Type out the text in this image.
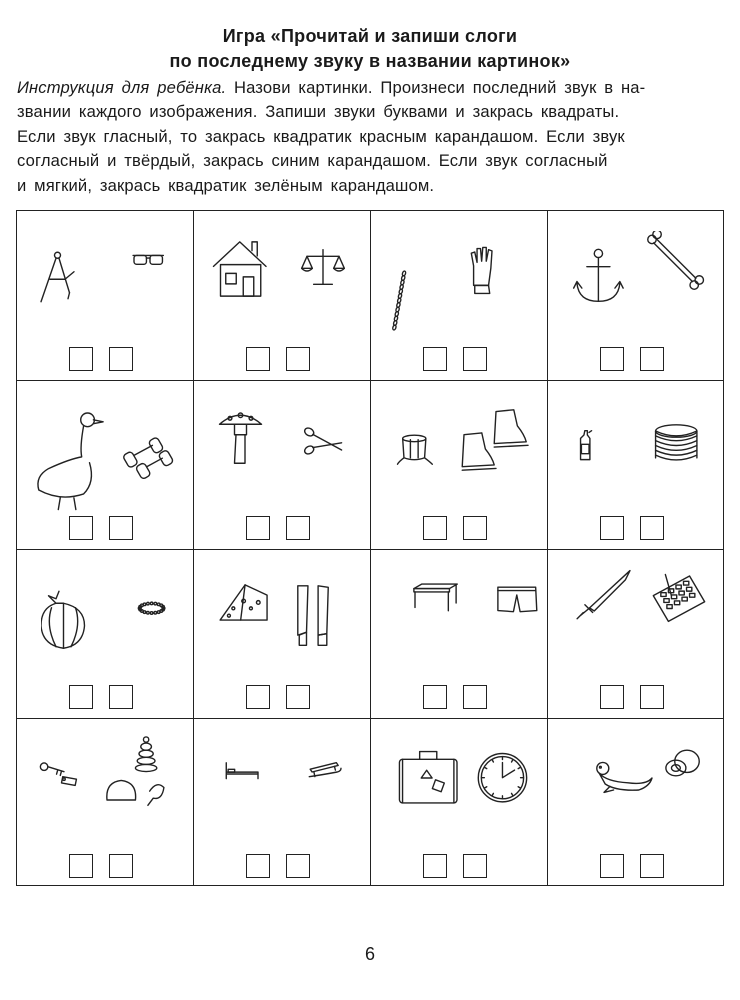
Игра «Прочитай и запиши слоги
по последнему звуку в названии картинок»
Инструкция для ребёнка. Назови картинки. Произнеси последний звук в на-
звании каждого изображения. Запиши звуки буквами и закрась квадраты.
Если звук гласный, то закрась квадратик красным карандашом. Если звук
согласный и твёрдый, закрась синим карандашом. Если звук согласный
и мягкий, закрась квадратик зелёным карандашом.
6
